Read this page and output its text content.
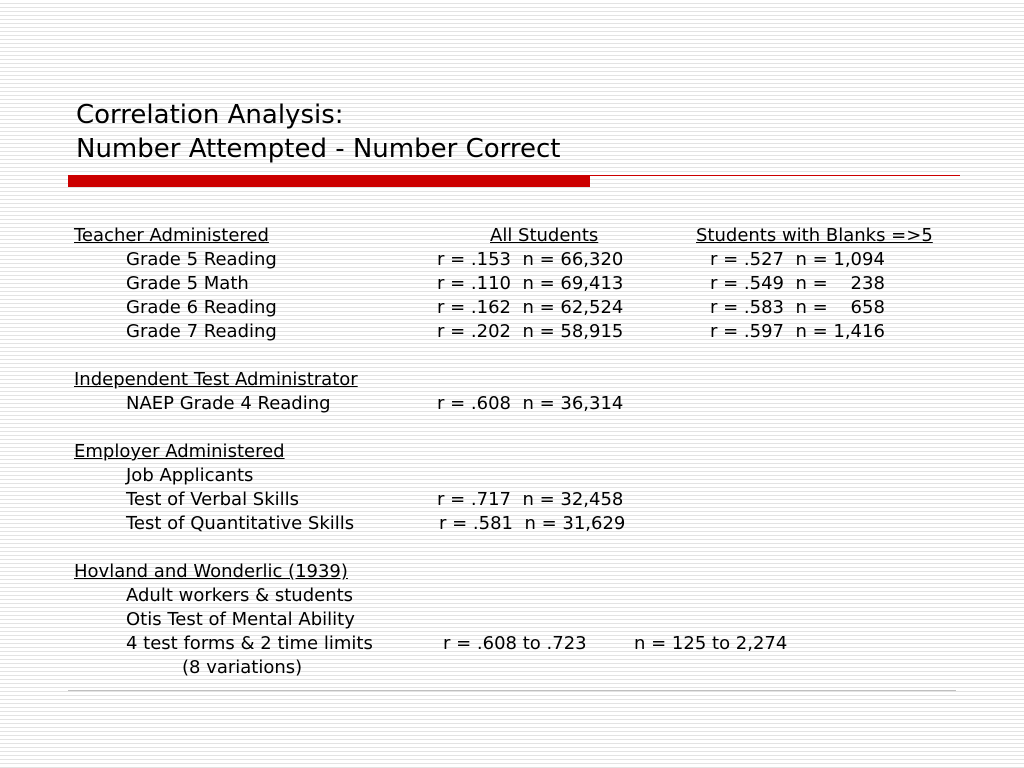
Correlation Analysis:
Number Attempted - Number Correct
Teacher Administered	All Students	Students with Blanks =>5
Grade 5 Reading	r = .153  n = 66,320	r = .527  n = 1,094
Grade 5 Math	r = .110  n = 69,413	r = .549  n =    238
Grade 6 Reading	r = .162  n = 62,524	r = .583  n =    658
Grade 7 Reading	r = .202  n = 58,915	r = .597  n = 1,416
Independent Test Administrator
NAEP Grade 4 Reading	r = .608  n = 36,314
Employer Administered
Job Applicants
Test of Verbal Skills	r = .717  n = 32,458
Test of Quantitative Skills	r = .581  n = 31,629
Hovland and Wonderlic (1939)
Adult workers & students
Otis Test of Mental Ability
4 test forms & 2 time limits	r = .608 to .723	n = 125 to 2,274
(8 variations)
